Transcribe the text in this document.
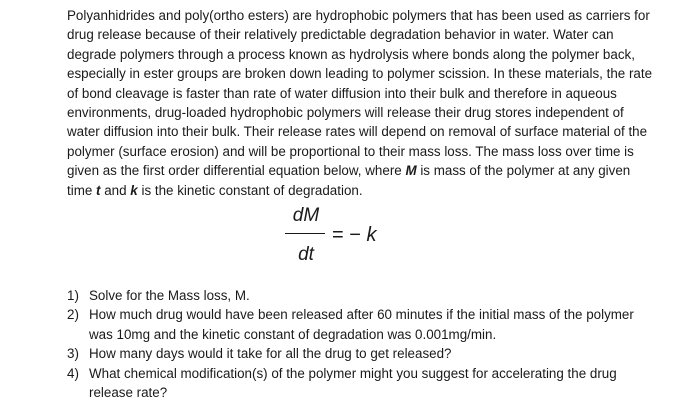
Polyanhidrides and poly(ortho esters) are hydrophobic polymers that has been used as carriers for
drug release because of their relatively predictable degradation behavior in water. Water can
degrade polymers through a process known as hydrolysis where bonds along the polymer back,
especially in ester groups are broken down leading to polymer scission. In these materials, the rate
of bond cleavage is faster than rate of water diffusion into their bulk and therefore in aqueous
environments, drug-loaded hydrophobic polymers will release their drug stores independent of
water diffusion into their bulk. Their release rates will depend on removal of surface material of the
polymer (surface erosion) and will be proportional to their mass loss. The mass loss over time is
given as the first order differential equation below, where M is mass of the polymer at any given
time t and k is the kinetic constant of degradation.
dM
dt
= − k
1) Solve for the Mass loss, M.
2) How much drug would have been released after 60 minutes if the initial mass of the polymer
was 10mg and the kinetic constant of degradation was 0.001mg/min.
3) How many days would it take for all the drug to get released?
4) What chemical modification(s) of the polymer might you suggest for accelerating the drug
release rate?
